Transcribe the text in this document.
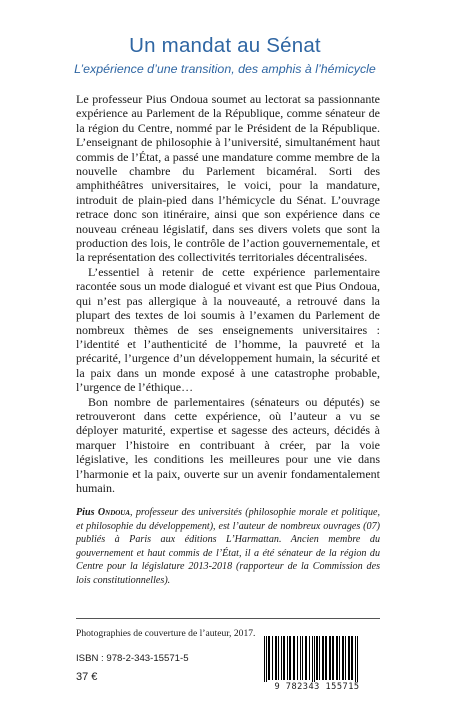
Un mandat au Sénat
L’expérience d’une transition, des amphis à l’hémicycle

Le professeur Pius Ondoua soumet au lectorat sa passionnante expérience au Parlement de la République, comme sénateur de la région du Centre, nommé par le Président de la République. L’enseignant de philosophie à l’université, simultanément haut commis de l’État, a passé une mandature comme membre de la nouvelle chambre du Parlement bicaméral. Sorti des amphithéâtres universitaires, le voici, pour la mandature, introduit de plain-pied dans l’hémicycle du Sénat. L’ouvrage retrace donc son itinéraire, ainsi que son expérience dans ce nouveau créneau législatif, dans ses divers volets que sont la production des lois, le contrôle de l’action gouvernementale, et la représentation des collectivités territoriales décentralisées.

L’essentiel à retenir de cette expérience parlementaire racontée sous un mode dialogué et vivant est que Pius Ondoua, qui n’est pas allergique à la nouveauté, a retrouvé dans la plupart des textes de loi soumis à l’examen du Parlement de nombreux thèmes de ses enseignements universitaires : l’identité et l’authenticité de l’homme, la pauvreté et la précarité, l’urgence d’un développement humain, la sécurité et la paix dans un monde exposé à une catastrophe probable, l’urgence de l’éthique…

Bon nombre de parlementaires (sénateurs ou députés) se retrouveront dans cette expérience, où l’auteur a vu se déployer maturité, expertise et sagesse des acteurs, décidés à marquer l’histoire en contribuant à créer, par la voie législative, les conditions les meilleures pour une vie dans l’harmonie et la paix, ouverte sur un avenir fondamentalement humain.

Pius Ondoua, professeur des universités (philosophie morale et politique, et philosophie du développement), est l’auteur de nombreux ouvrages (07) publiés à Paris aux éditions L’Harmattan. Ancien membre du gouvernement et haut commis de l’État, il a été sénateur de la région du Centre pour la législature 2013-2018 (rapporteur de la Commission des lois constitutionnelles).
Photographies de couverture de l’auteur, 2017.
ISBN : 978-2-343-15571-5
37 €
9 782343 155715
